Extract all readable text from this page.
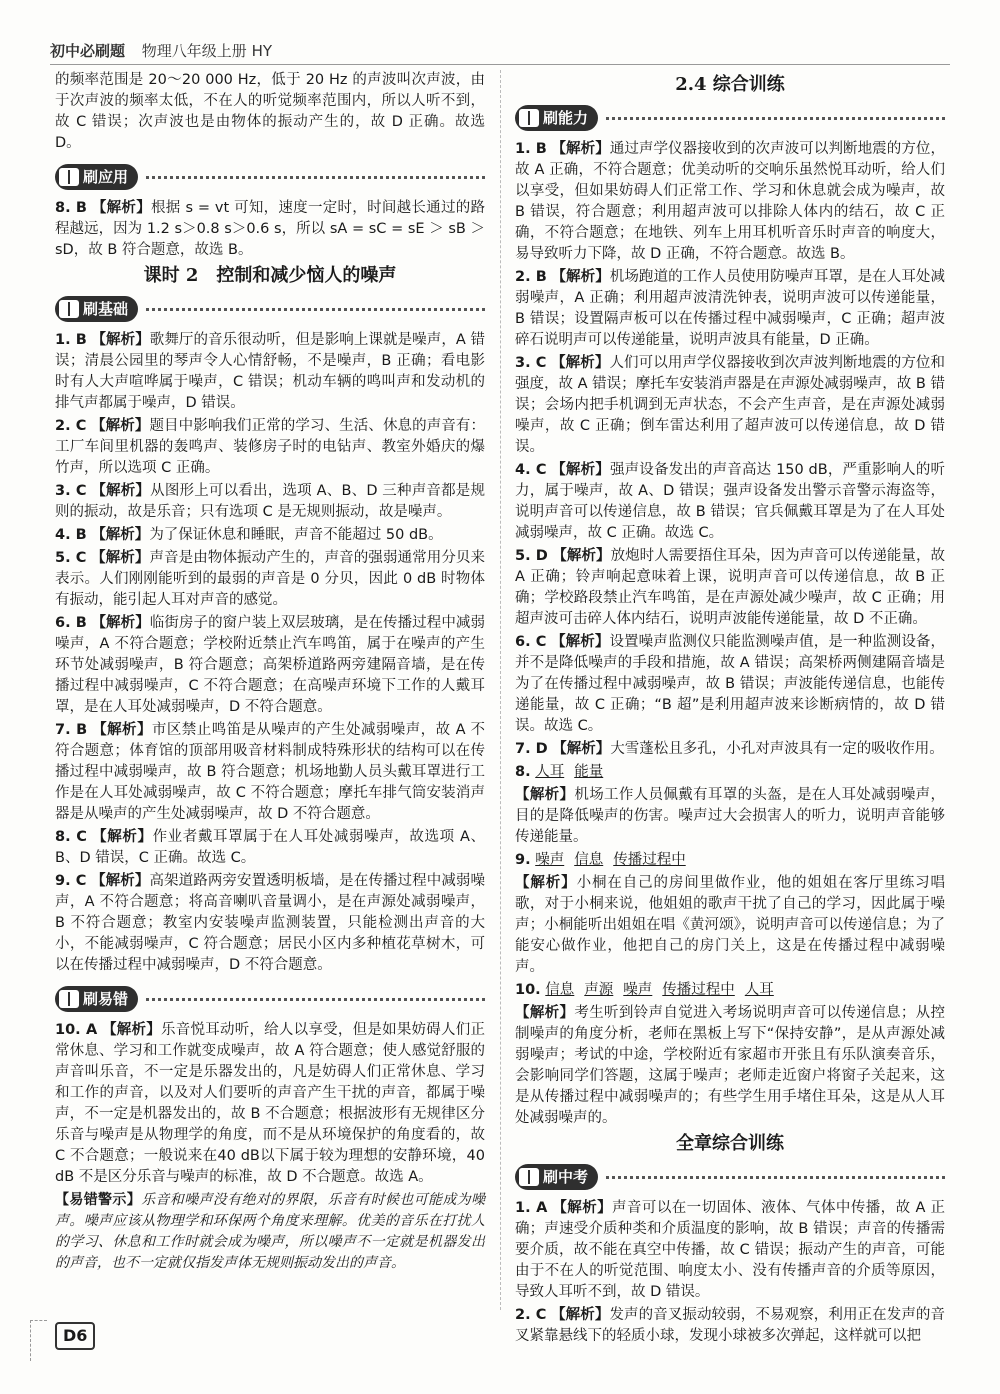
初中必刷题 物理八年级上册 HY

的频率范围是 20～20 000 Hz，低于 20 Hz 的声波叫次声波，由于次声波的频率太低，不在人的听觉频率范围内，所以人听不到，故 C 错误；次声波也是由物体的振动产生的，故 D 正确。故选 D。

刷应用

8. B 【解析】根据 s = vt 可知，速度一定时，时间越长通过的路程越远，因为 1.2 s＞0.8 s＞0.6 s，所以 sA = sC = sE ＞ sB ＞ sD，故 B 符合题意，故选 B。

课时 2　控制和减少恼人的噪声
刷基础

1. B 【解析】歌舞厅的音乐很动听，但是影响上课就是噪声，A 错误；清晨公园里的琴声令人心情舒畅，不是噪声，B 正确；看电影时有人大声喧哗属于噪声，C 错误；机动车辆的鸣叫声和发动机的排气声都属于噪声，D 错误。

2. C 【解析】题目中影响我们正常的学习、生活、休息的声音有：工厂车间里机器的轰鸣声、装修房子时的电钻声、教室外婚庆的爆竹声，所以选项 C 正确。

3. C 【解析】从图形上可以看出，选项 A、B、D 三种声音都是规则的振动，故是乐音；只有选项 C 是无规则振动，故是噪声。

4. B 【解析】为了保证休息和睡眠，声音不能超过 50 dB。

5. C 【解析】声音是由物体振动产生的，声音的强弱通常用分贝来表示。人们刚刚能听到的最弱的声音是 0 分贝，因此 0 dB 时物体有振动，能引起人耳对声音的感觉。

6. B 【解析】临街房子的窗户装上双层玻璃，是在传播过程中减弱噪声，A 不符合题意；学校附近禁止汽车鸣笛，属于在噪声的产生环节处减弱噪声，B 符合题意；高架桥道路两旁建隔音墙，是在传播过程中减弱噪声，C 不符合题意；在高噪声环境下工作的人戴耳罩，是在人耳处减弱噪声，D 不符合题意。

7. B 【解析】市区禁止鸣笛是从噪声的产生处减弱噪声，故 A 不符合题意；体育馆的顶部用吸音材料制成特殊形状的结构可以在传播过程中减弱噪声，故 B 符合题意；机场地勤人员头戴耳罩进行工作是在人耳处减弱噪声，故 C 不符合题意；摩托车排气筒安装消声器是从噪声的产生处减弱噪声，故 D 不符合题意。

8. C 【解析】作业者戴耳罩属于在人耳处减弱噪声，故选项 A、B、D 错误，C 正确。故选 C。

9. C 【解析】高架道路两旁安置透明板墙，是在传播过程中减弱噪声，A 不符合题意；将高音喇叭音量调小，是在声源处减弱噪声，B 不符合题意；教室内安装噪声监测装置，只能检测出声音的大小，不能减弱噪声，C 符合题意；居民小区内多种植花草树木，可以在传播过程中减弱噪声，D 不符合题意。

刷易错

10. A 【解析】乐音悦耳动听，给人以享受，但是如果妨碍人们正常休息、学习和工作就变成噪声，故 A 符合题意；使人感觉舒服的声音叫乐音，不一定是乐器发出的，凡是妨碍人们正常休息、学习和工作的声音，以及对人们要听的声音产生干扰的声音，都属于噪声，不一定是机器发出的，故 B 不合题意；根据波形有无规律区分乐音与噪声是从物理学的角度，而不是从环境保护的角度看的，故 C 不合题意；一般说来在40 dB以下属于较为理想的安静环境，40 dB 不是区分乐音与噪声的标准，故 D 不合题意。故选 A。

【易错警示】乐音和噪声没有绝对的界限，乐音有时候也可能成为噪声。噪声应该从物理学和环保两个角度来理解。优美的音乐在打扰人的学习、休息和工作时就会成为噪声，所以噪声不一定就是机器发出的声音，也不一定就仅指发声体无规则振动发出的声音。

2.4 综合训练
刷能力

1. B 【解析】通过声学仪器接收到的次声波可以判断地震的方位，故 A 正确，不符合题意；优美动听的交响乐虽然悦耳动听，给人们以享受，但如果妨碍人们正常工作、学习和休息就会成为噪声，故 B 错误，符合题意；利用超声波可以排除人体内的结石，故 C 正确，不符合题意；在地铁、列车上用耳机听音乐时声音的响度大，易导致听力下降，故 D 正确，不符合题意。故选 B。

2. B 【解析】机场跑道的工作人员使用防噪声耳罩，是在人耳处减弱噪声，A 正确；利用超声波清洗钟表，说明声波可以传递能量，B 错误；设置隔声板可以在传播过程中减弱噪声，C 正确；超声波碎石说明声可以传递能量，说明声波具有能量，D 正确。

3. C 【解析】人们可以用声学仪器接收到次声波判断地震的方位和强度，故 A 错误；摩托车安装消声器是在声源处减弱噪声，故 B 错误；会场内把手机调到无声状态，不会产生声音，是在声源处减弱噪声，故 C 正确；倒车雷达利用了超声波可以传递信息，故 D 错误。

4. C 【解析】强声设备发出的声音高达 150 dB，严重影响人的听力，属于噪声，故 A、D 错误；强声设备发出警示音警示海盗等，说明声音可以传递信息，故 B 错误；官兵佩戴耳罩是为了在人耳处减弱噪声，故 C 正确。故选 C。

5. D 【解析】放炮时人需要捂住耳朵，因为声音可以传递能量，故 A 正确；铃声响起意味着上课，说明声音可以传递信息，故 B 正确；学校路段禁止汽车鸣笛，是在声源处减少噪声，故 C 正确；用超声波可击碎人体内结石，说明声波能传递能量，故 D 不正确。

6. C 【解析】设置噪声监测仪只能监测噪声值，是一种监测设备，并不是降低噪声的手段和措施，故 A 错误；高架桥两侧建隔音墙是为了在传播过程中减弱噪声，故 B 错误；声波能传递信息，也能传递能量，故 C 正确；“B 超”是利用超声波来诊断病情的，故 D 错误。故选 C。

7. D 【解析】大雪蓬松且多孔，小孔对声波具有一定的吸收作用。

8. 人耳 能量

【解析】机场工作人员佩戴有耳罩的头盔，是在人耳处减弱噪声，目的是降低噪声的伤害。噪声过大会损害人的听力，说明声音能够传递能量。

9. 噪声 信息 传播过程中

【解析】小桐在自己的房间里做作业，他的姐姐在客厅里练习唱歌，对于小桐来说，他姐姐的歌声干扰了自己的学习，因此属于噪声；小桐能听出姐姐在唱《黄河颂》，说明声音可以传递信息；为了能安心做作业，他把自己的房门关上，这是在传播过程中减弱噪声。

10. 信息 声源 噪声 传播过程中 人耳

【解析】考生听到铃声自觉进入考场说明声音可以传递信息；从控制噪声的角度分析，老师在黑板上写下“保持安静”，是从声源处减弱噪声；考试的中途，学校附近有家超市开张且有乐队演奏音乐，会影响同学们答题，这属于噪声；老师走近窗户将窗子关起来，这是从传播过程中减弱噪声的；有些学生用手堵住耳朵，这是从人耳处减弱噪声的。

全章综合训练
刷中考

1. A 【解析】声音可以在一切固体、液体、气体中传播，故 A 正确；声速受介质种类和介质温度的影响，故 B 错误；声音的传播需要介质，故不能在真空中传播，故 C 错误；振动产生的声音，可能由于不在人的听觉范围、响度太小、没有传播声音的介质等原因，导致人耳听不到，故 D 错误。

2. C 【解析】发声的音叉振动较弱，不易观察，利用正在发声的音叉紧靠悬线下的轻质小球，发现小球被多次弹起，这样就可以把

D6
